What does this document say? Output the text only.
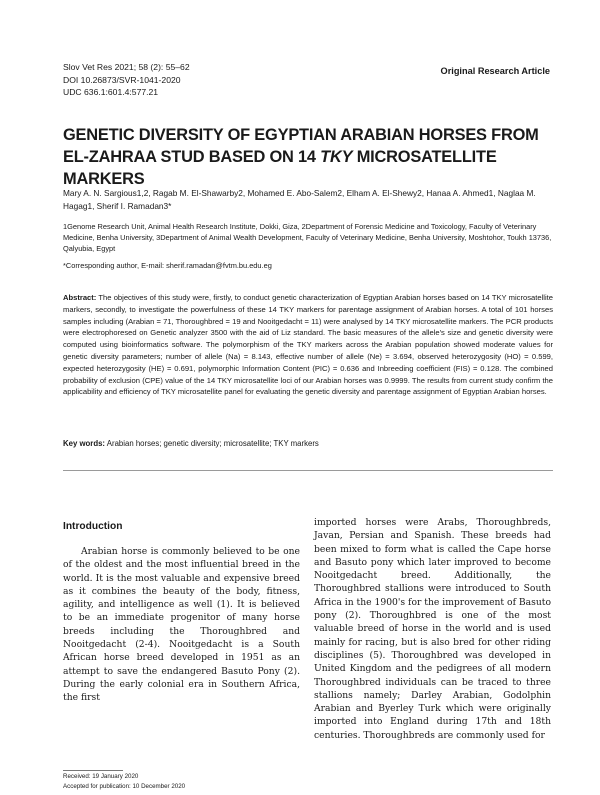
Slov Vet Res 2021; 58 (2): 55–62
DOI 10.26873/SVR-1041-2020
UDC 636.1:601.4:577.21
Original Research Article
GENETIC DIVERSITY OF EGYPTIAN ARABIAN HORSES FROM EL-ZAHRAA STUD BASED ON 14 TKY MICROSATELLITE MARKERS
Mary A. N. Sargious1,2, Ragab M. El-Shawarby2, Mohamed E. Abo-Salem2, Elham A. El-Shewy2, Hanaa A. Ahmed1, Naglaa M. Hagag1, Sherif I. Ramadan3*
1Genome Research Unit, Animal Health Research Institute, Dokki, Giza, 2Department of Forensic Medicine and Toxicology, Faculty of Veterinary Medicine, Benha University, 3Department of Animal Wealth Development, Faculty of Veterinary Medicine, Benha University, Moshtohor, Toukh 13736, Qalyubia, Egypt
*Corresponding author, E-mail: sherif.ramadan@fvtm.bu.edu.eg
Abstract: The objectives of this study were, firstly, to conduct genetic characterization of Egyptian Arabian horses based on 14 TKY microsatellite markers, secondly, to investigate the powerfulness of these 14 TKY markers for parentage assignment of Arabian horses. A total of 101 horses samples including (Arabian = 71, Thoroughbred = 19 and Nooitgedacht = 11) were analysed by 14 TKY microsatellite markers. The PCR products were electrophoresed on Genetic analyzer 3500 with the aid of Liz standard. The basic measures of the allele's size and genetic diversity were computed using bioinformatics software. The polymorphism of the TKY markers across the Arabian population showed moderate values for genetic diversity parameters; number of allele (Na) = 8.143, effective number of allele (Ne) = 3.694, observed heterozygosity (HO) = 0.599, expected heterozygosity (HE) = 0.691, polymorphic Information Content (PIC) = 0.636 and Inbreeding coefficient (FIS) = 0.128. The combined probability of exclusion (CPE) value of the 14 TKY microsatellite loci of our Arabian horses was 0.9999. The results from current study confirm the applicability and efficiency of TKY microsatellite panel for evaluating the genetic diversity and parentage assignment of Egyptian Arabian horses.
Key words: Arabian horses; genetic diversity; microsatellite; TKY markers
Introduction
Arabian horse is commonly believed to be one of the oldest and the most influential breed in the world. It is the most valuable and expensive breed as it combines the beauty of the body, fitness, agility, and intelligence as well (1). It is believed to be an immediate progenitor of many horse breeds including the Thoroughbred and Nooitgedacht (2-4). Nooitgedacht is a South African horse breed developed in 1951 as an attempt to save the endangered Basuto Pony (2). During the early colonial era in Southern Africa, the first
imported horses were Arabs, Thoroughbreds, Javan, Persian and Spanish. These breeds had been mixed to form what is called the Cape horse and Basuto pony which later improved to become Nooitgedacht breed. Additionally, the Thoroughbred stallions were introduced to South Africa in the 1900's for the improvement of Basuto pony (2). Thoroughbred is one of the most valuable breed of horse in the world and is used mainly for racing, but is also bred for other riding disciplines (5). Thoroughbred was developed in United Kingdom and the pedigrees of all modern Thoroughbred individuals can be traced to three stallions namely; Darley Arabian, Godolphin Arabian and Byerley Turk which were originally imported into England during 17th and 18th centuries. Thoroughbreds are commonly used for
Received: 19 January 2020
Accepted for publication: 10 December 2020
